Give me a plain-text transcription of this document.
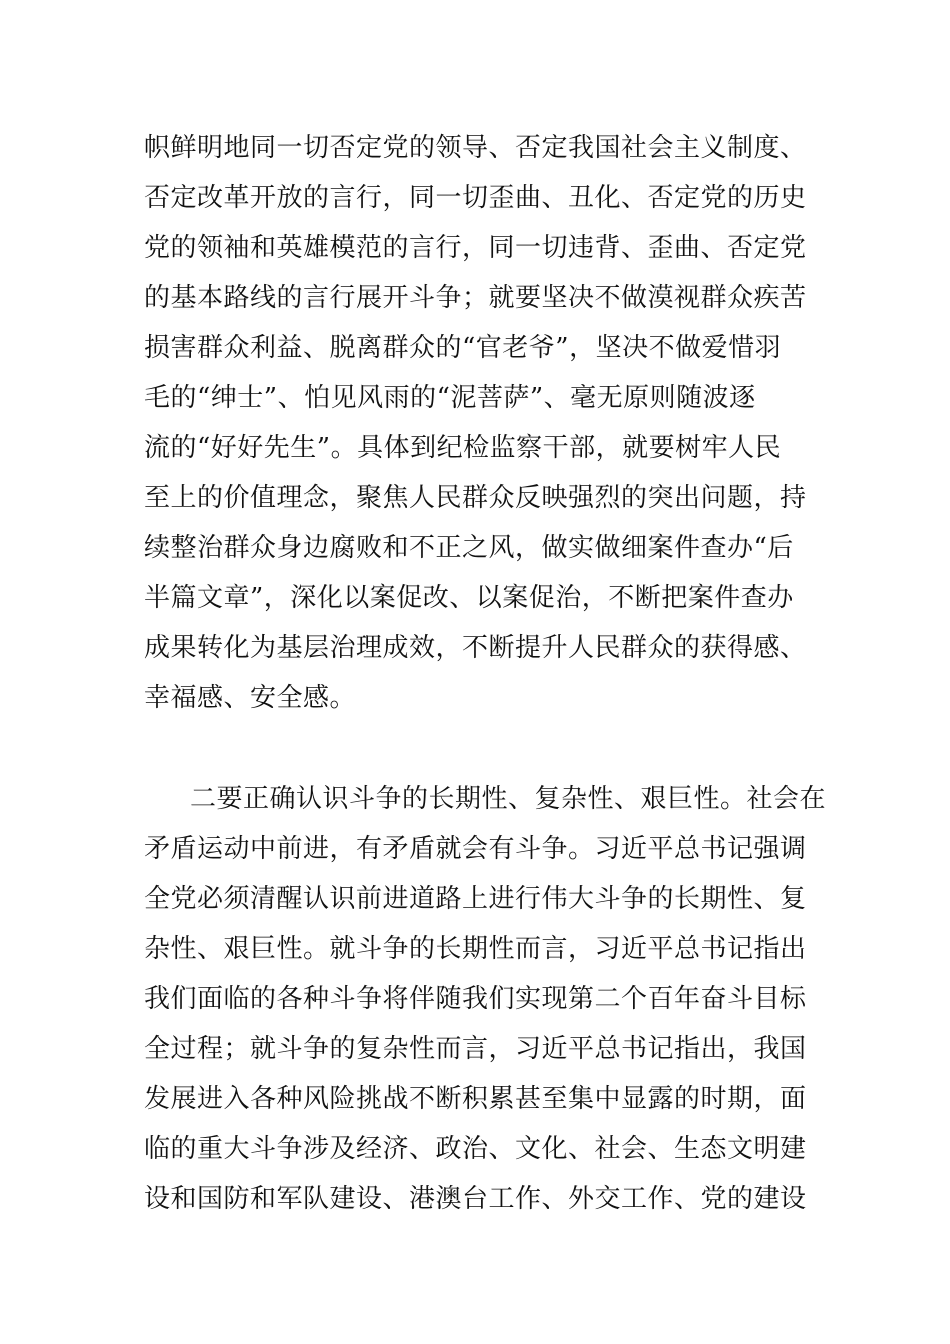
帜鲜明地同一切否定党的领导、否定我国社会主义制度、
否定改革开放的言行，同一切歪曲、丑化、否定党的历史
党的领袖和英雄模范的言行，同一切违背、歪曲、否定党
的基本路线的言行展开斗争；就要坚决不做漠视群众疾苦
损害群众利益、脱离群众的“官老爷”，坚决不做爱惜羽
毛的“绅士”、怕见风雨的“泥菩萨”、毫无原则随波逐
流的“好好先生”。具体到纪检监察干部，就要树牢人民
至上的价值理念，聚焦人民群众反映强烈的突出问题，持
续整治群众身边腐败和不正之风，做实做细案件查办“后
半篇文章”，深化以案促改、以案促治，不断把案件查办
成果转化为基层治理成效，不断提升人民群众的获得感、
幸福感、安全感。

二要正确认识斗争的长期性、复杂性、艰巨性。社会在
矛盾运动中前进，有矛盾就会有斗争。习近平总书记强调
全党必须清醒认识前进道路上进行伟大斗争的长期性、复
杂性、艰巨性。就斗争的长期性而言，习近平总书记指出
我们面临的各种斗争将伴随我们实现第二个百年奋斗目标
全过程；就斗争的复杂性而言，习近平总书记指出，我国
发展进入各种风险挑战不断积累甚至集中显露的时期，面
临的重大斗争涉及经济、政治、文化、社会、生态文明建
设和国防和军队建设、港澳台工作、外交工作、党的建设
